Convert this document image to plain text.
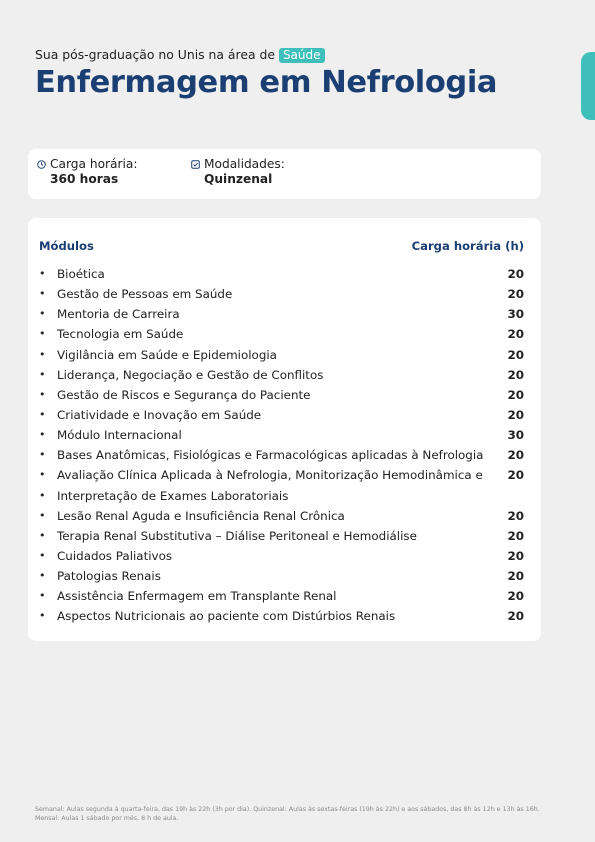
Sua pós-graduação no Unis na área de Saúde
Enfermagem em Nefrologia
Carga horária:
360 horas
Modalidades:
Quinzenal
Módulos	Carga horária (h)
• Bioética	20
• Gestão de Pessoas em Saúde	20
• Mentoria de Carreira	30
• Tecnologia em Saúde	20
• Vigilância em Saúde e Epidemiologia	20
• Liderança, Negociação e Gestão de Conflitos	20
• Gestão de Riscos e Segurança do Paciente	20
• Criatividade e Inovação em Saúde	20
• Módulo Internacional	30
• Bases Anatômicas, Fisiológicas e Farmacológicas aplicadas à Nefrologia	20
• Avaliação Clínica Aplicada à Nefrologia, Monitorização Hemodinâmica e	20
• Interpretação de Exames Laboratoriais
• Lesão Renal Aguda e Insuficiência Renal Crônica	20
• Terapia Renal Substitutiva – Diálise Peritoneal e Hemodiálise	20
• Cuidados Paliativos	20
• Patologias Renais	20
• Assistência Enfermagem em Transplante Renal	20
• Aspectos Nutricionais ao paciente com Distúrbios Renais	20
Semanal: Aulas segunda à quarta-feira, das 19h às 22h (3h por dia). Quinzenal: Aulas às sextas-feiras (19h às 22h) e aos sábados, das 8h às 12h e 13h às 16h.
Mensal: Aulas 1 sábado por mês, 8 h de aula.
